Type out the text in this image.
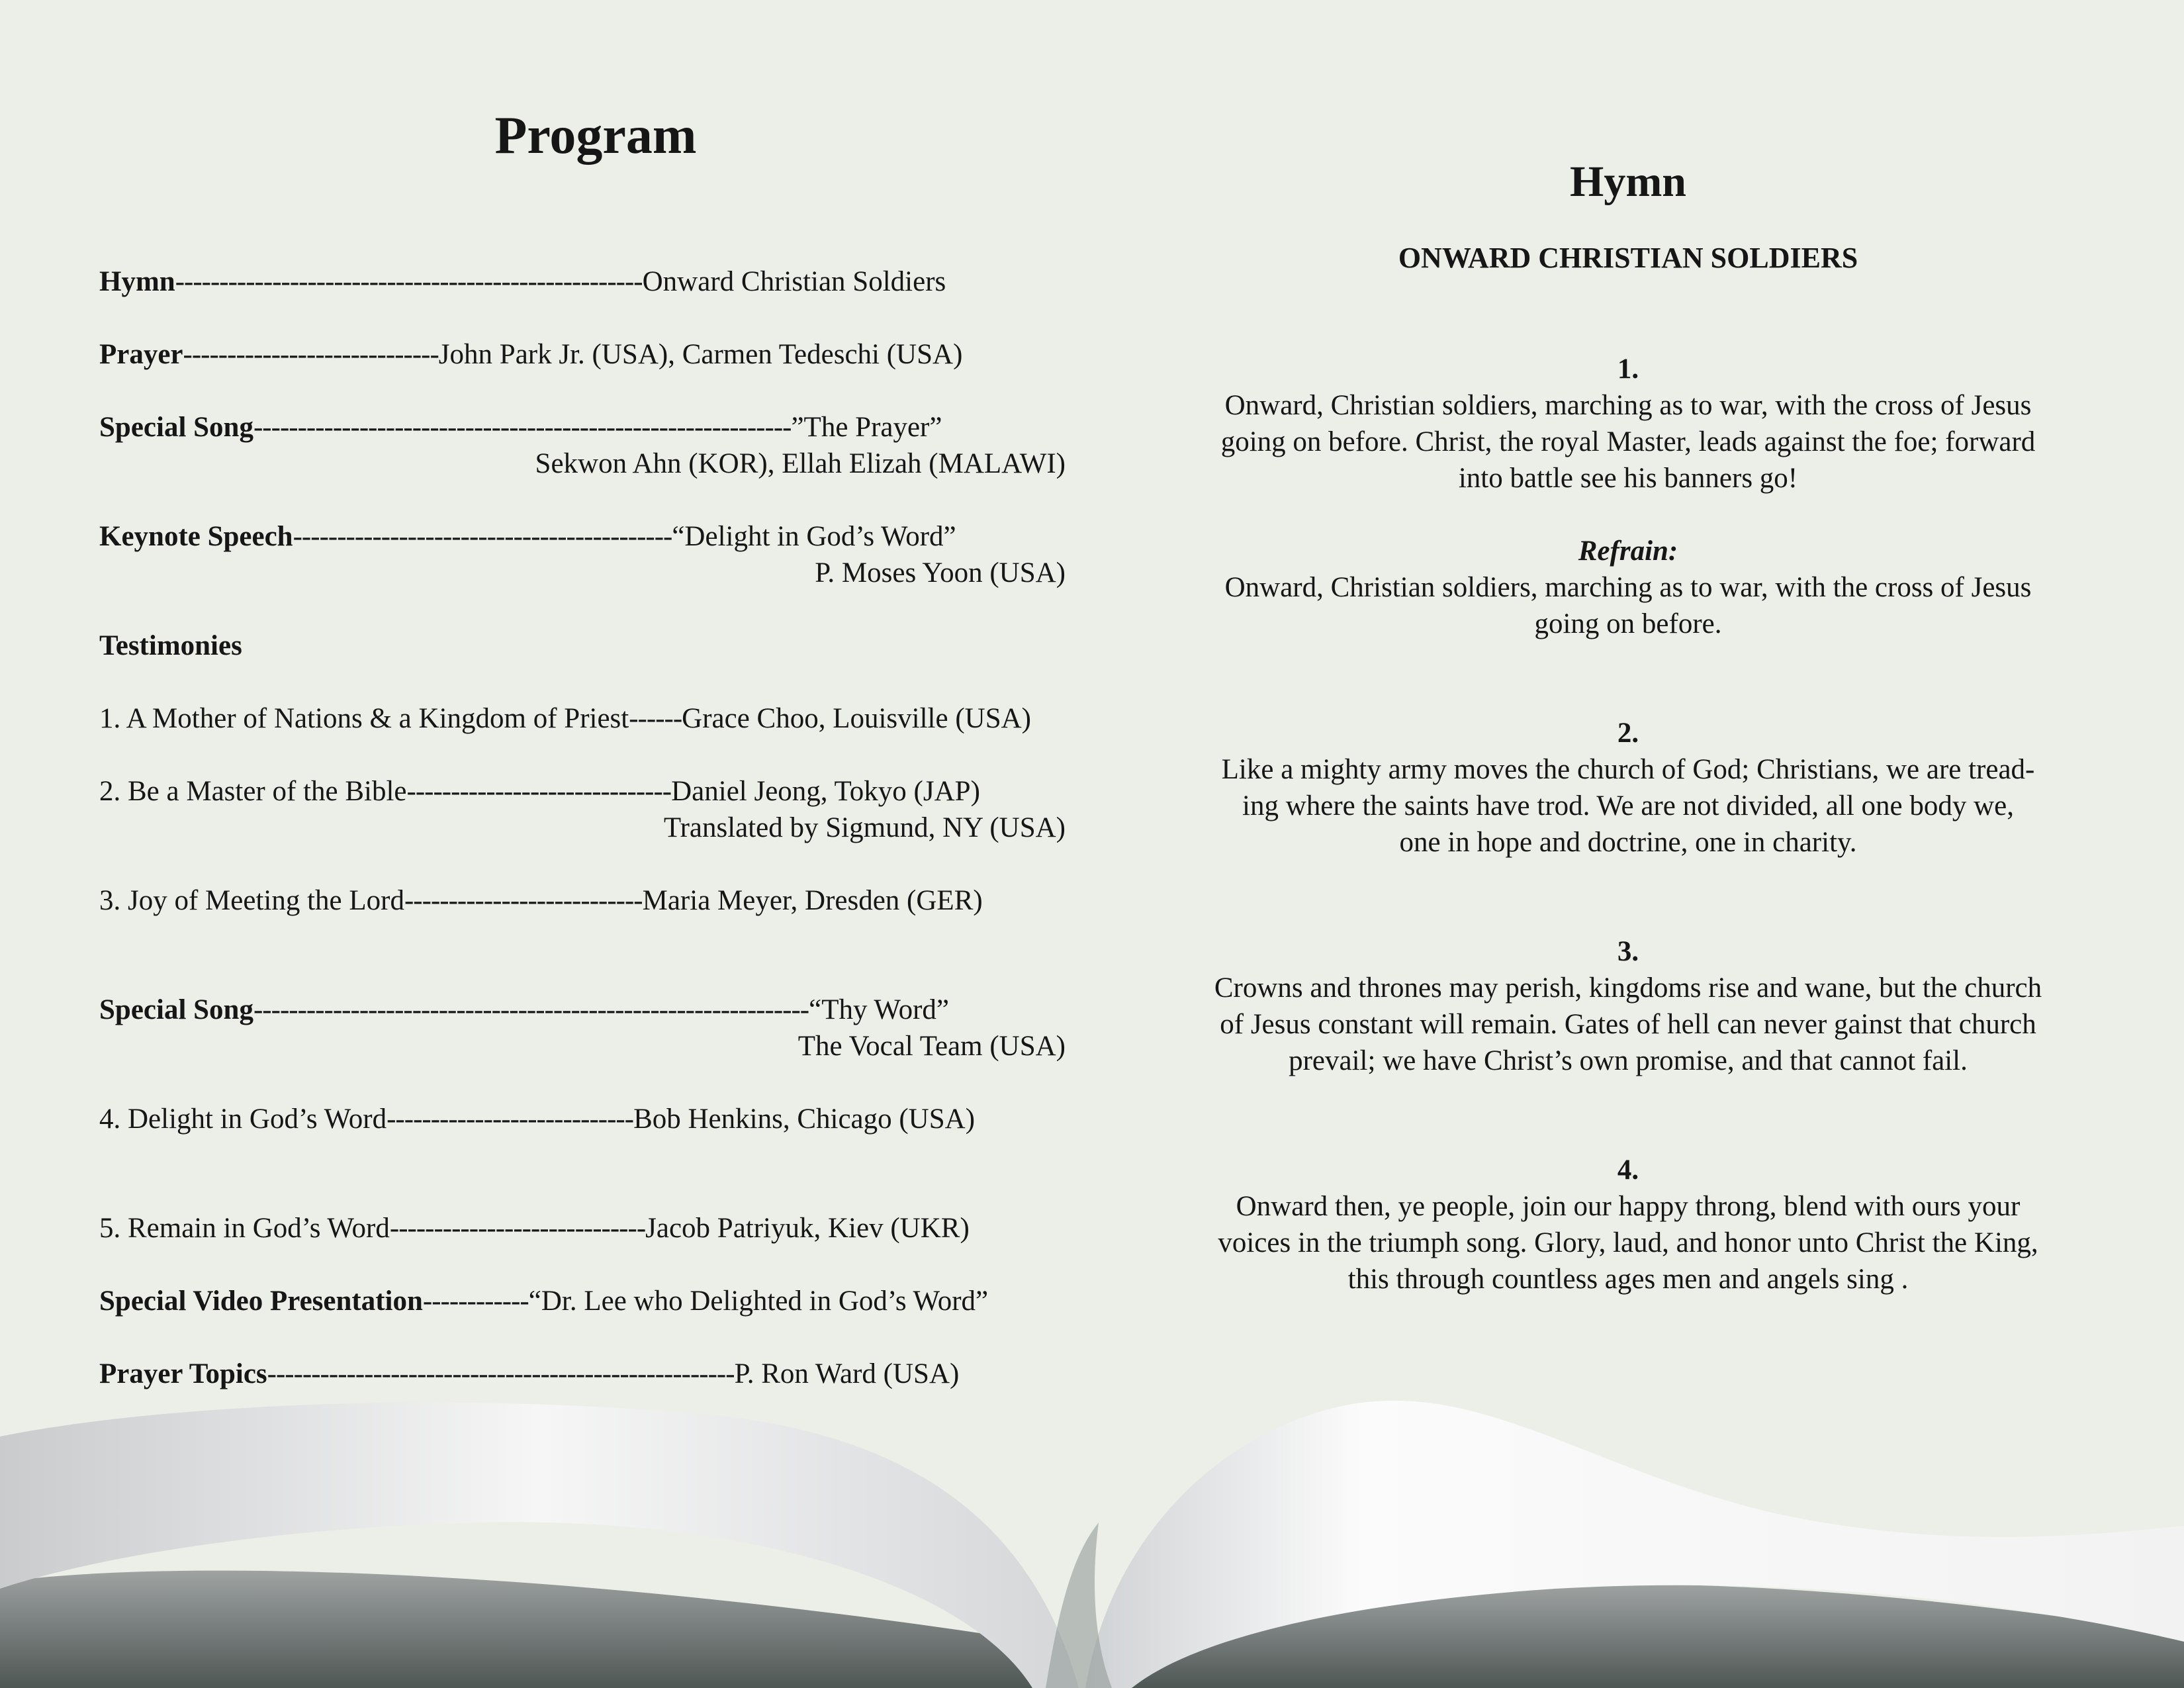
Program
Hymn-----------------------------------------------------Onward Christian Soldiers
Prayer-----------------------------John Park Jr. (USA), Carmen Tedeschi (USA)
Special Song-------------------------------------------------------------”The Prayer”
Sekwon Ahn (KOR), Ellah Elizah (MALAWI)
Keynote Speech-------------------------------------------“Delight in God’s Word”
P. Moses Yoon (USA)
Testimonies
1. A Mother of Nations & a Kingdom of Priest------Grace Choo, Louisville (USA)
2. Be a Master of the Bible------------------------------Daniel Jeong, Tokyo (JAP)
Translated by Sigmund, NY (USA)
3. Joy of Meeting the Lord---------------------------Maria Meyer, Dresden (GER)
Special Song---------------------------------------------------------------“Thy Word”
The Vocal Team (USA)
4. Delight in God’s Word----------------------------Bob Henkins, Chicago (USA)
5. Remain in God’s Word-----------------------------Jacob Patriyuk, Kiev (UKR)
Special Video Presentation------------“Dr. Lee who Delighted in God’s Word”
Prayer Topics-----------------------------------------------------P. Ron Ward (USA)
Hymn
ONWARD CHRISTIAN SOLDIERS
1.
Onward, Christian soldiers, marching as to war, with the cross of Jesus
going on before. Christ, the royal Master, leads against the foe; forward
into battle see his banners go!
Refrain:
Onward, Christian soldiers, marching as to war, with the cross of Jesus
going on before.
2.
Like a mighty army moves the church of God; Christians, we are tread-
ing where the saints have trod. We are not divided, all one body we,
one in hope and doctrine, one in charity.
3.
Crowns and thrones may perish, kingdoms rise and wane, but the church
of Jesus constant will remain. Gates of hell can never gainst that church
prevail; we have Christ’s own promise, and that cannot fail.
4.
Onward then, ye people, join our happy throng, blend with ours your
voices in the triumph song. Glory, laud, and honor unto Christ the King,
this through countless ages men and angels sing .
